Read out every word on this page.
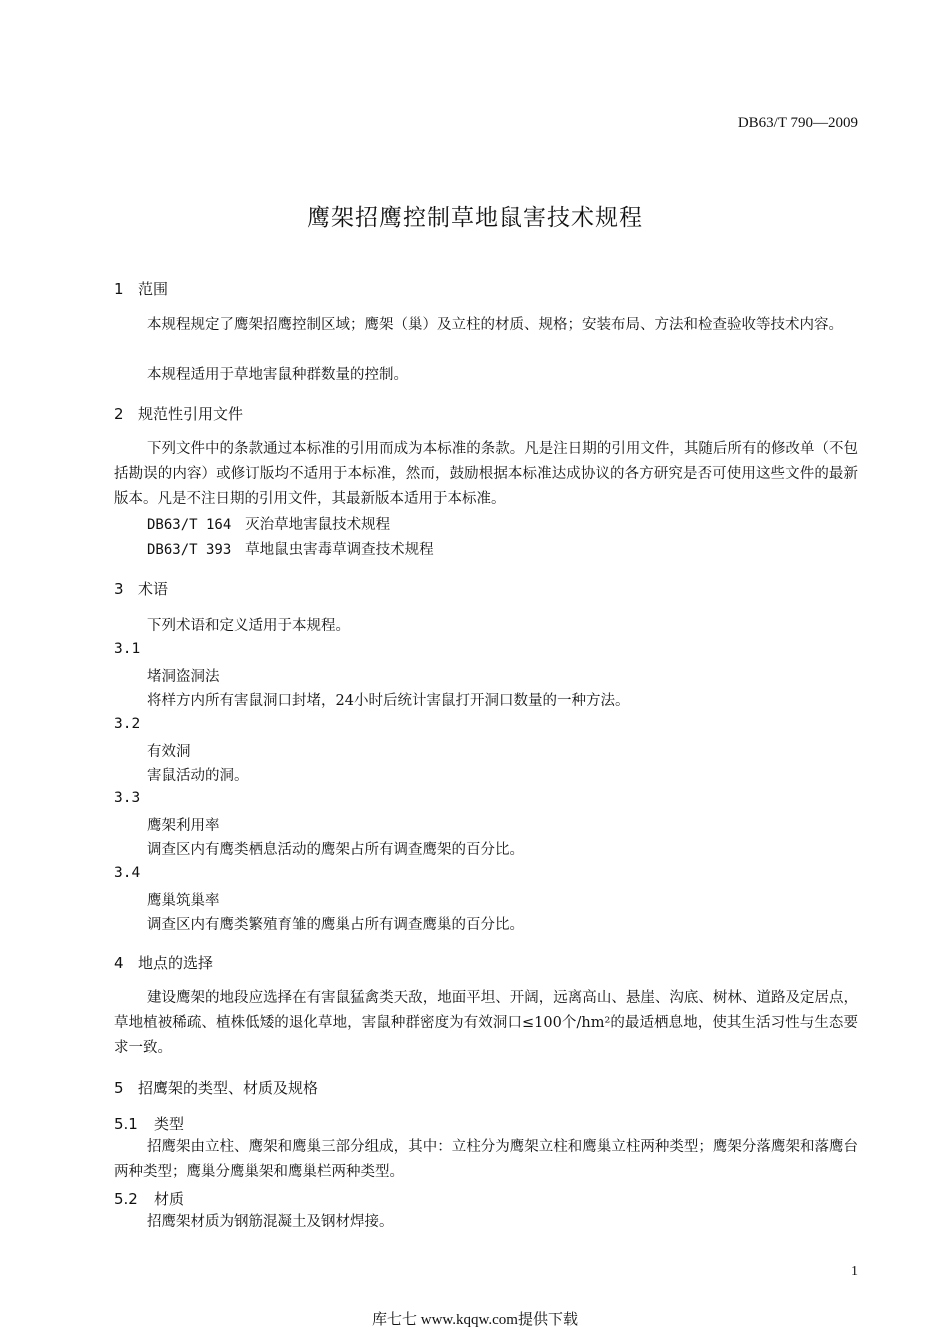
DB63/T 790—2009
鹰架招鹰控制草地鼠害技术规程
1 范围

本规程规定了鹰架招鹰控制区域；鹰架（巢）及立柱的材质、规格；安装布局、方法和检查验收等技术内容。

本规程适用于草地害鼠种群数量的控制。

2 规范性引用文件

下列文件中的条款通过本标准的引用而成为本标准的条款。凡是注日期的引用文件，其随后所有的修改单（不包括勘误的内容）或修订版均不适用于本标准，然而，鼓励根据本标准达成协议的各方研究是否可使用这些文件的最新版本。凡是不注日期的引用文件，其最新版本适用于本标准。

DB63/T 164 灭治草地害鼠技术规程
DB63/T 393 草地鼠虫害毒草调查技术规程
3 术语
下列术语和定义适用于本规程。
3.1
堵洞盗洞法
将样方内所有害鼠洞口封堵，24小时后统计害鼠打开洞口数量的一种方法。
3.2
有效洞
害鼠活动的洞。
3.3
鹰架利用率
调查区内有鹰类栖息活动的鹰架占所有调查鹰架的百分比。
3.4
鹰巢筑巢率
调查区内有鹰类繁殖育雏的鹰巢占所有调查鹰巢的百分比。
4 地点的选择

建设鹰架的地段应选择在有害鼠猛禽类天敌，地面平坦、开阔，远离高山、悬崖、沟底、树林、道路及定居点，草地植被稀疏、植株低矮的退化草地，害鼠种群密度为有效洞口≤100个/hm²的最适栖息地，使其生活习性与生态要求一致。

5 招鹰架的类型、材质及规格
5.1 类型

招鹰架由立柱、鹰架和鹰巢三部分组成，其中：立柱分为鹰架立柱和鹰巢立柱两种类型；鹰架分落鹰架和落鹰台两种类型；鹰巢分鹰巢架和鹰巢栏两种类型。

5.2 材质

招鹰架材质为钢筋混凝土及钢材焊接。

1
库七七 www.kqqw.com提供下载
